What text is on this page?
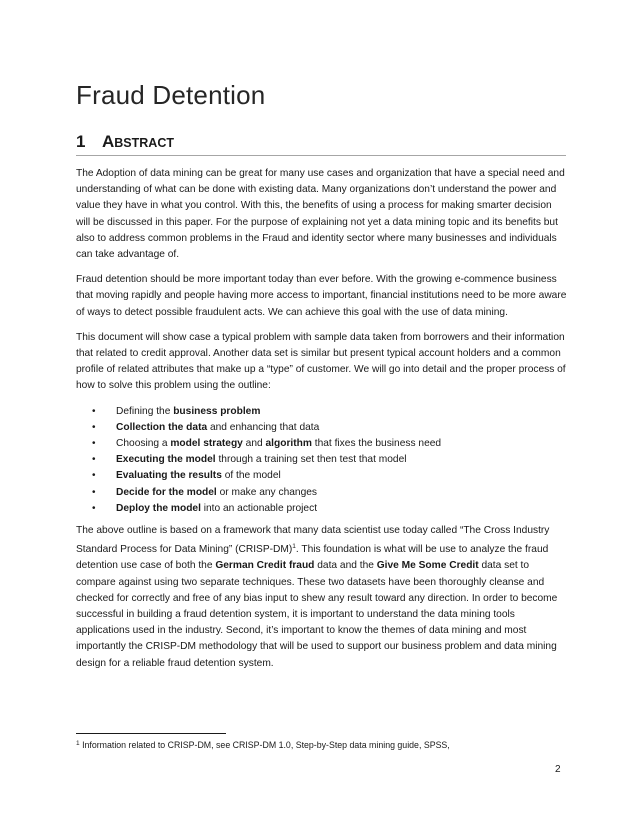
Fraud Detention
1 ABSTRACT

The Adoption of data mining can be great for many use cases and organization that have a special need and understanding of what can be done with existing data. Many organizations don’t understand the power and value they have in what you control. With this, the benefits of using a process for making smarter decision will be discussed in this paper. For the purpose of explaining not yet a data mining topic and its benefits but also to address common problems in the Fraud and identity sector where many businesses and individuals can take advantage of.

Fraud detention should be more important today than ever before. With the growing e-commence business that moving rapidly and people having more access to important, financial institutions need to be more aware of ways to detect possible fraudulent acts. We can achieve this goal with the use of data mining.

This document will show case a typical problem with sample data taken from borrowers and their information that related to credit approval. Another data set is similar but present typical account holders and a common profile of related attributes that make up a “type” of customer. We will go into detail and the proper process of how to solve this problem using the outline:

• Defining the business problem
• Collection the data and enhancing that data
• Choosing a model strategy and algorithm that fixes the business need
• Executing the model through a training set then test that model
• Evaluating the results of the model
• Decide for the model or make any changes
• Deploy the model into an actionable project

The above outline is based on a framework that many data scientist use today called “The Cross Industry Standard Process for Data Mining” (CRISP-DM)$^1$. This foundation is what will be use to analyze the fraud detention use case of both the German Credit fraud data and the Give Me Some Credit data set to compare against using two separate techniques. These two datasets have been thoroughly cleanse and checked for correctly and free of any bias input to shew any result toward any direction. In order to become successful in building a fraud detention system, it is important to understand the data mining tools applications used in the industry. Second, it’s important to know the themes of data mining and most importantly the CRISP-DM methodology that will be used to support our business problem and data mining design for a reliable fraud detention system.

$^1$ Information related to CRISP-DM, see CRISP-DM 1.0, Step-by-Step data mining guide, SPSS,
2
